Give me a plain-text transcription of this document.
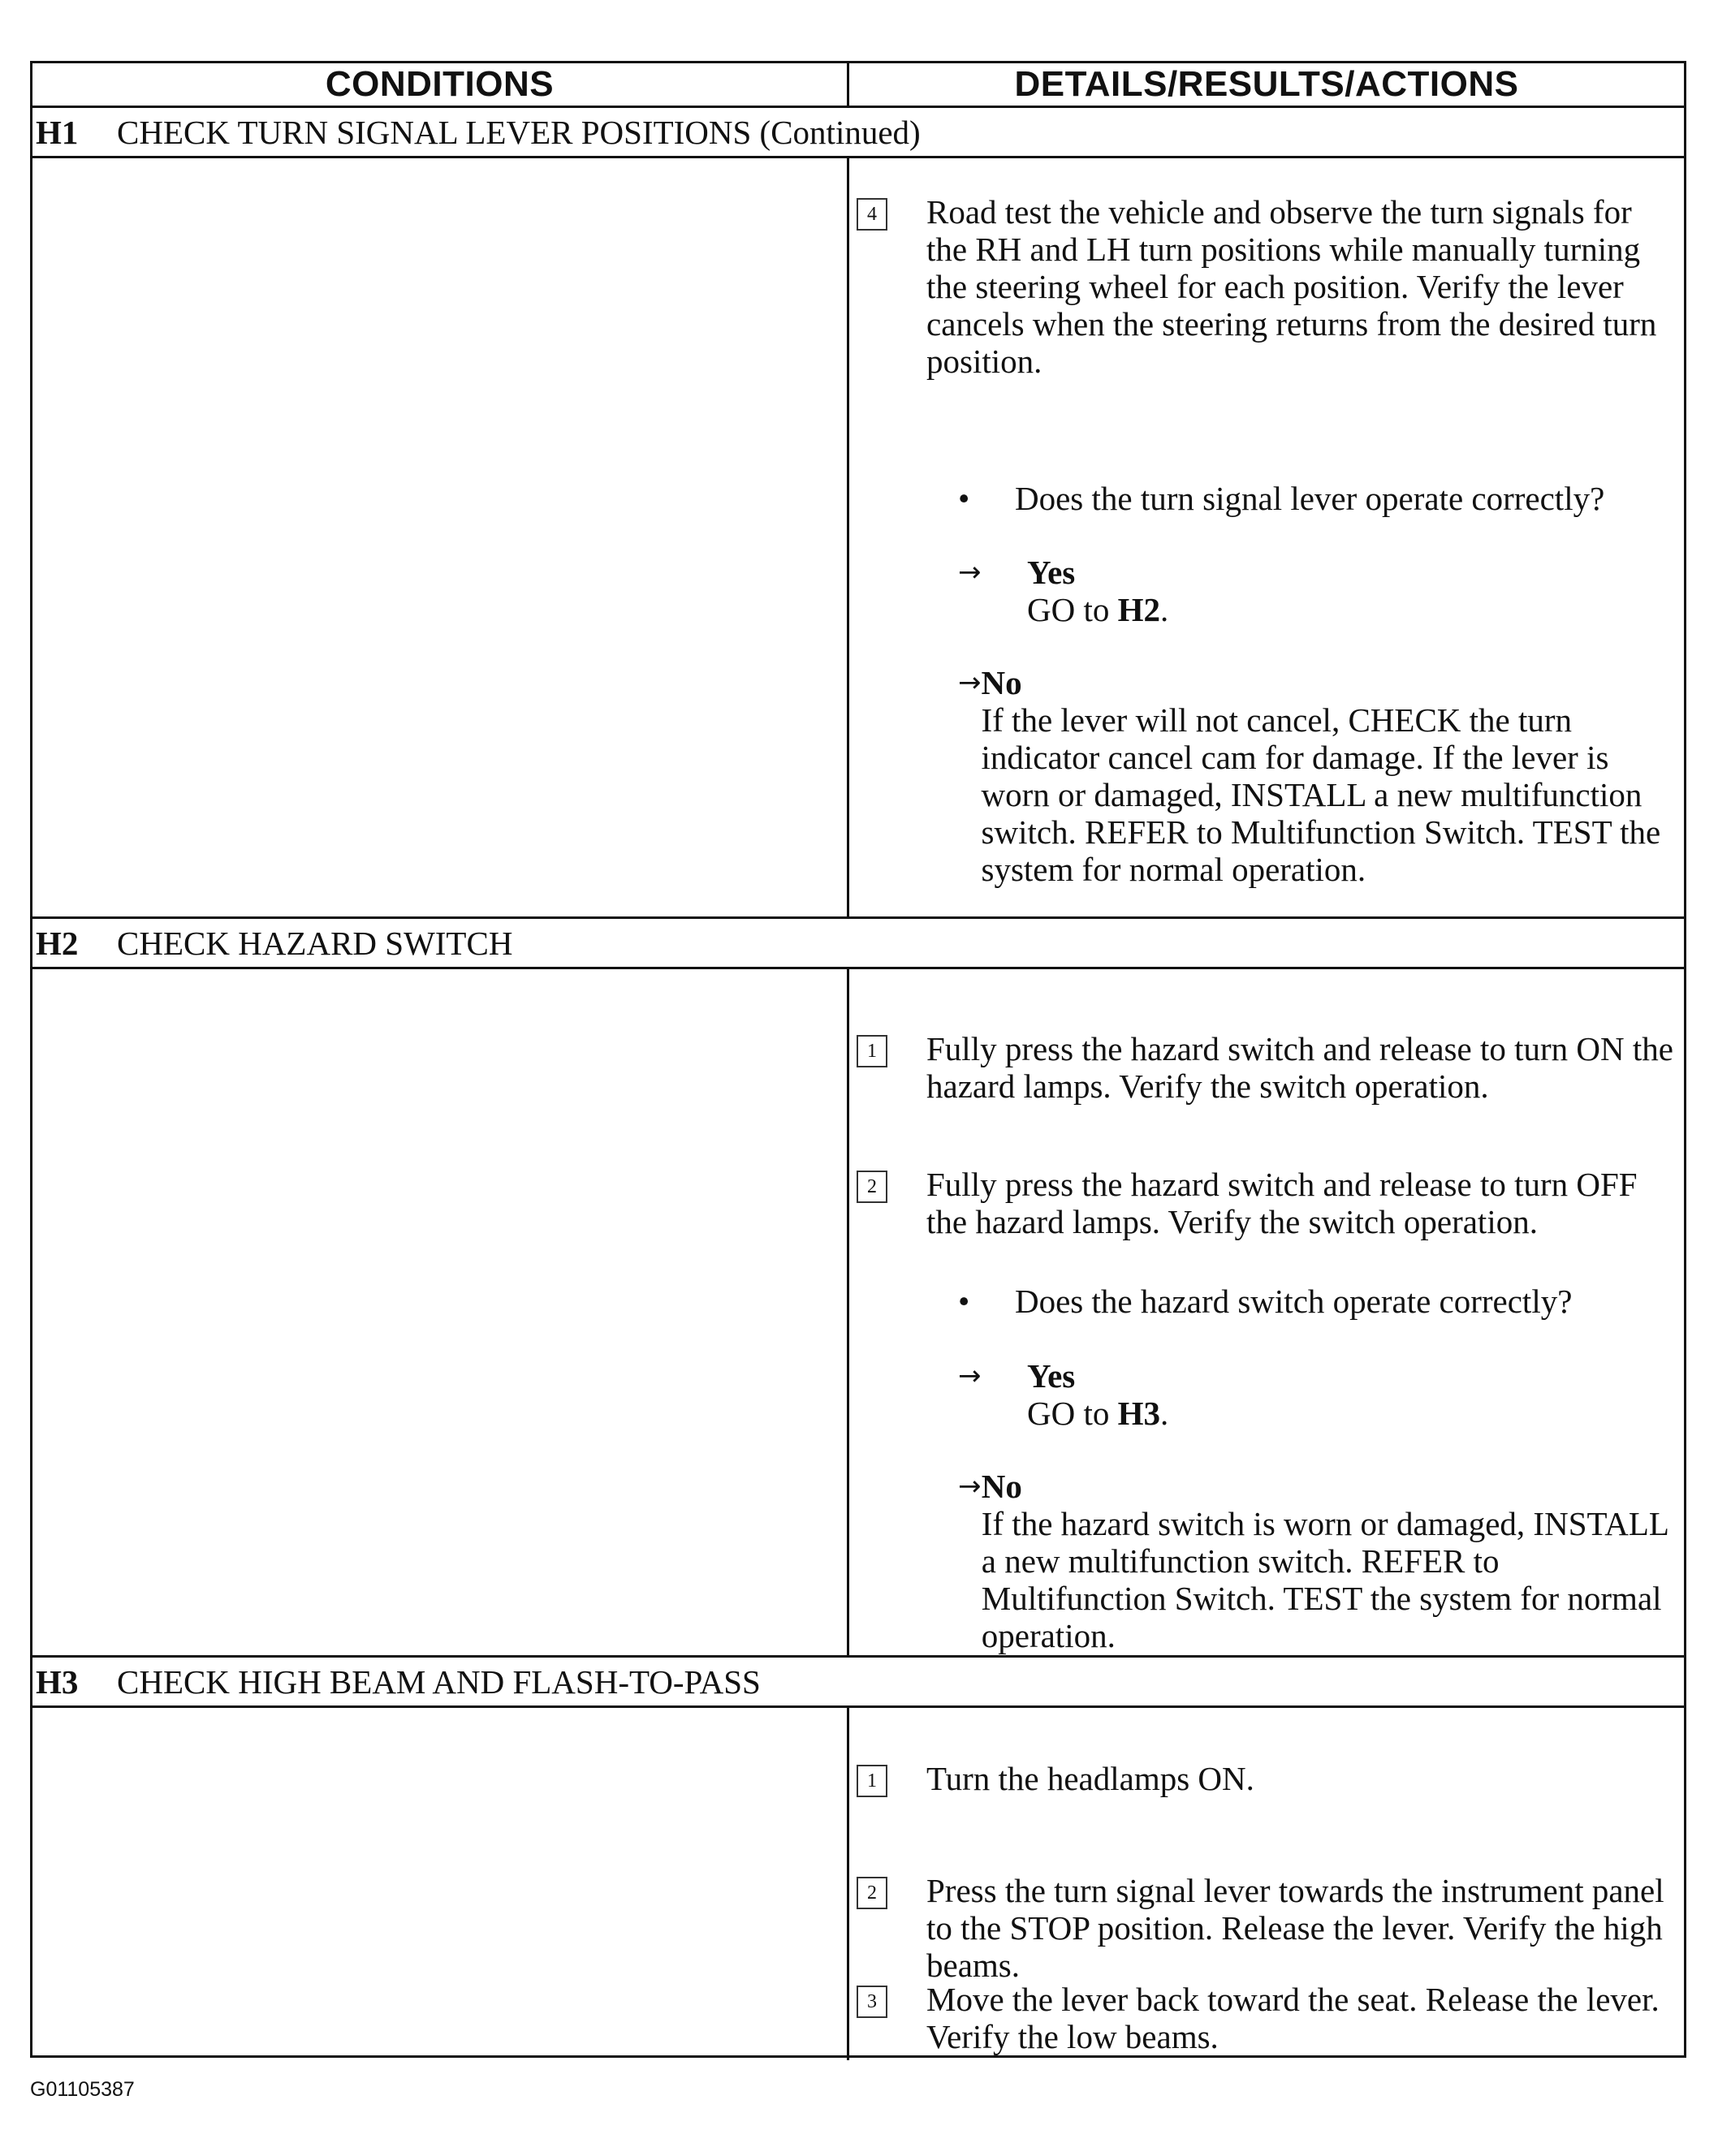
CONDITIONS	DETAILS/RESULTS/ACTIONS
H1	CHECK TURN SIGNAL LEVER POSITIONS (Continued)
4	Road test the vehicle and observe the turn signals for the RH and LH turn positions while manually turning the steering wheel for each position. Verify the lever cancels when the steering returns from the desired turn position.
•	Does the turn signal lever operate correctly?
→	Yes
GO to H2.
→ No
If the lever will not cancel, CHECK the turn indicator cancel cam for damage. If the lever is worn or damaged, INSTALL a new multifunction switch. REFER to Multifunction Switch. TEST the system for normal operation.
H2	CHECK HAZARD SWITCH
1	Fully press the hazard switch and release to turn ON the hazard lamps. Verify the switch operation.
2	Fully press the hazard switch and release to turn OFF the hazard lamps. Verify the switch operation.
•	Does the hazard switch operate correctly?
→	Yes
GO to H3.
→ No
If the hazard switch is worn or damaged, INSTALL a new multifunction switch. REFER to Multifunction Switch. TEST the system for normal operation.
H3	CHECK HIGH BEAM AND FLASH-TO-PASS
1	Turn the headlamps ON.
2	Press the turn signal lever towards the instrument panel to the STOP position. Release the lever. Verify the high beams.
3	Move the lever back toward the seat. Release the lever. Verify the low beams.
G01105387
